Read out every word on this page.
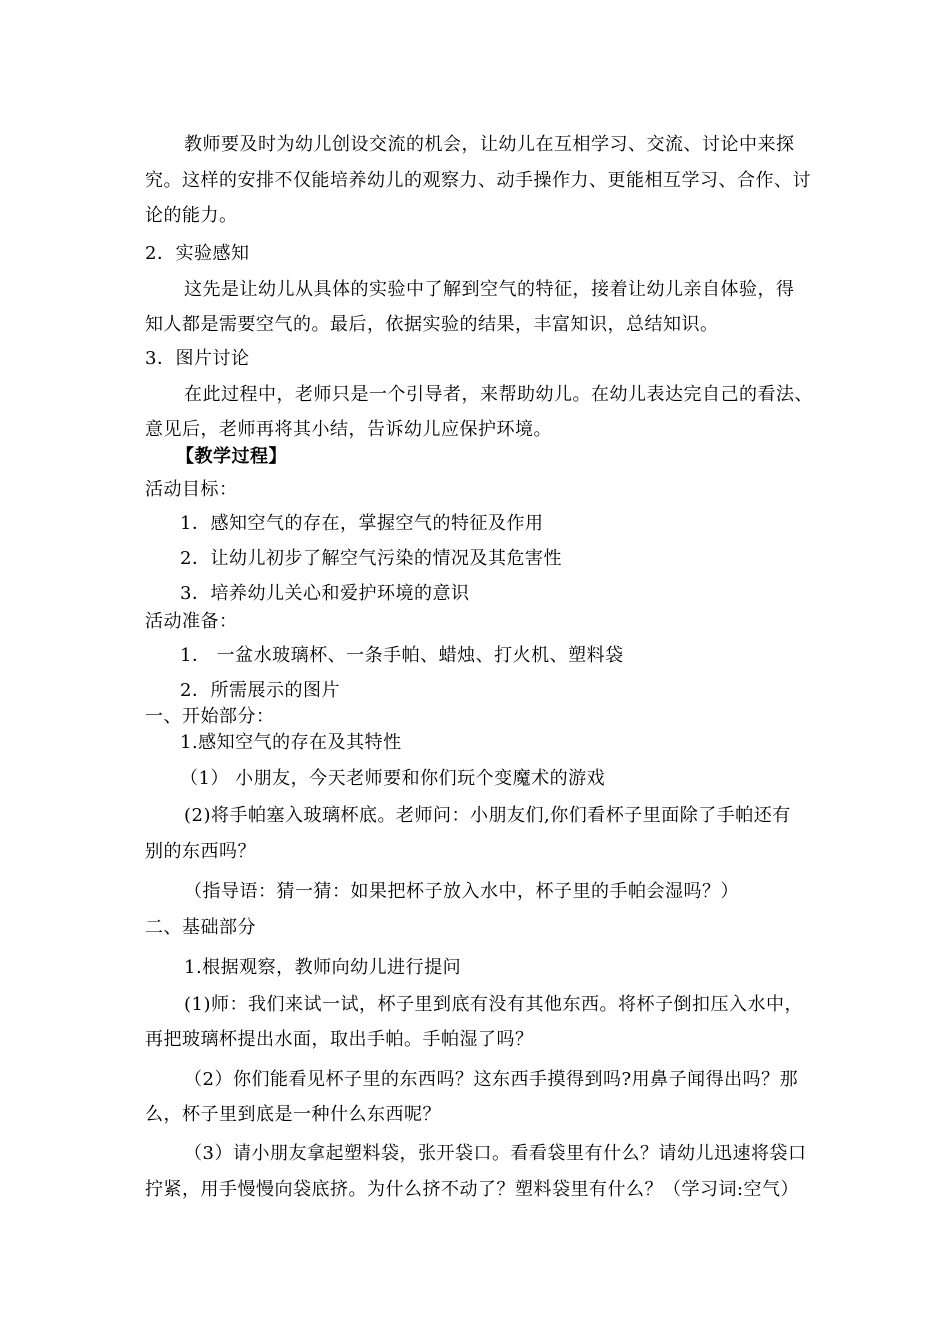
教师要及时为幼儿创设交流的机会，让幼儿在互相学习、交流、讨论中来探
究。这样的安排不仅能培养幼儿的观察力、动手操作力、更能相互学习、合作、讨
论的能力。
2．实验感知
这先是让幼儿从具体的实验中了解到空气的特征，接着让幼儿亲自体验，得
知人都是需要空气的。最后，依据实验的结果，丰富知识，总结知识。
3．图片讨论
在此过程中，老师只是一个引导者，来帮助幼儿。在幼儿表达完自己的看法、
意见后，老师再将其小结，告诉幼儿应保护环境。
【教学过程】
活动目标：
1．感知空气的存在，掌握空气的特征及作用
2．让幼儿初步了解空气污染的情况及其危害性
3．培养幼儿关心和爱护环境的意识
活动准备：
1． 一盆水玻璃杯、一条手帕、蜡烛、打火机、塑料袋
2．所需展示的图片
一、开始部分：
1.感知空气的存在及其特性
（1） 小朋友，今天老师要和你们玩个变魔术的游戏
(2)将手帕塞入玻璃杯底。老师问：小朋友们,你们看杯子里面除了手帕还有
别的东西吗？
（指导语：猜一猜：如果把杯子放入水中，杯子里的手帕会湿吗？）
二、基础部分
1.根据观察，教师向幼儿进行提问
(1)师：我们来试一试，杯子里到底有没有其他东西。将杯子倒扣压入水中，
再把玻璃杯提出水面，取出手帕。手帕湿了吗？
（2）你们能看见杯子里的东西吗？这东西手摸得到吗?用鼻子闻得出吗？那
么，杯子里到底是一种什么东西呢？
（3）请小朋友拿起塑料袋，张开袋口。看看袋里有什么？请幼儿迅速将袋口
拧紧，用手慢慢向袋底挤。为什么挤不动了？塑料袋里有什么？（学习词:空气）
